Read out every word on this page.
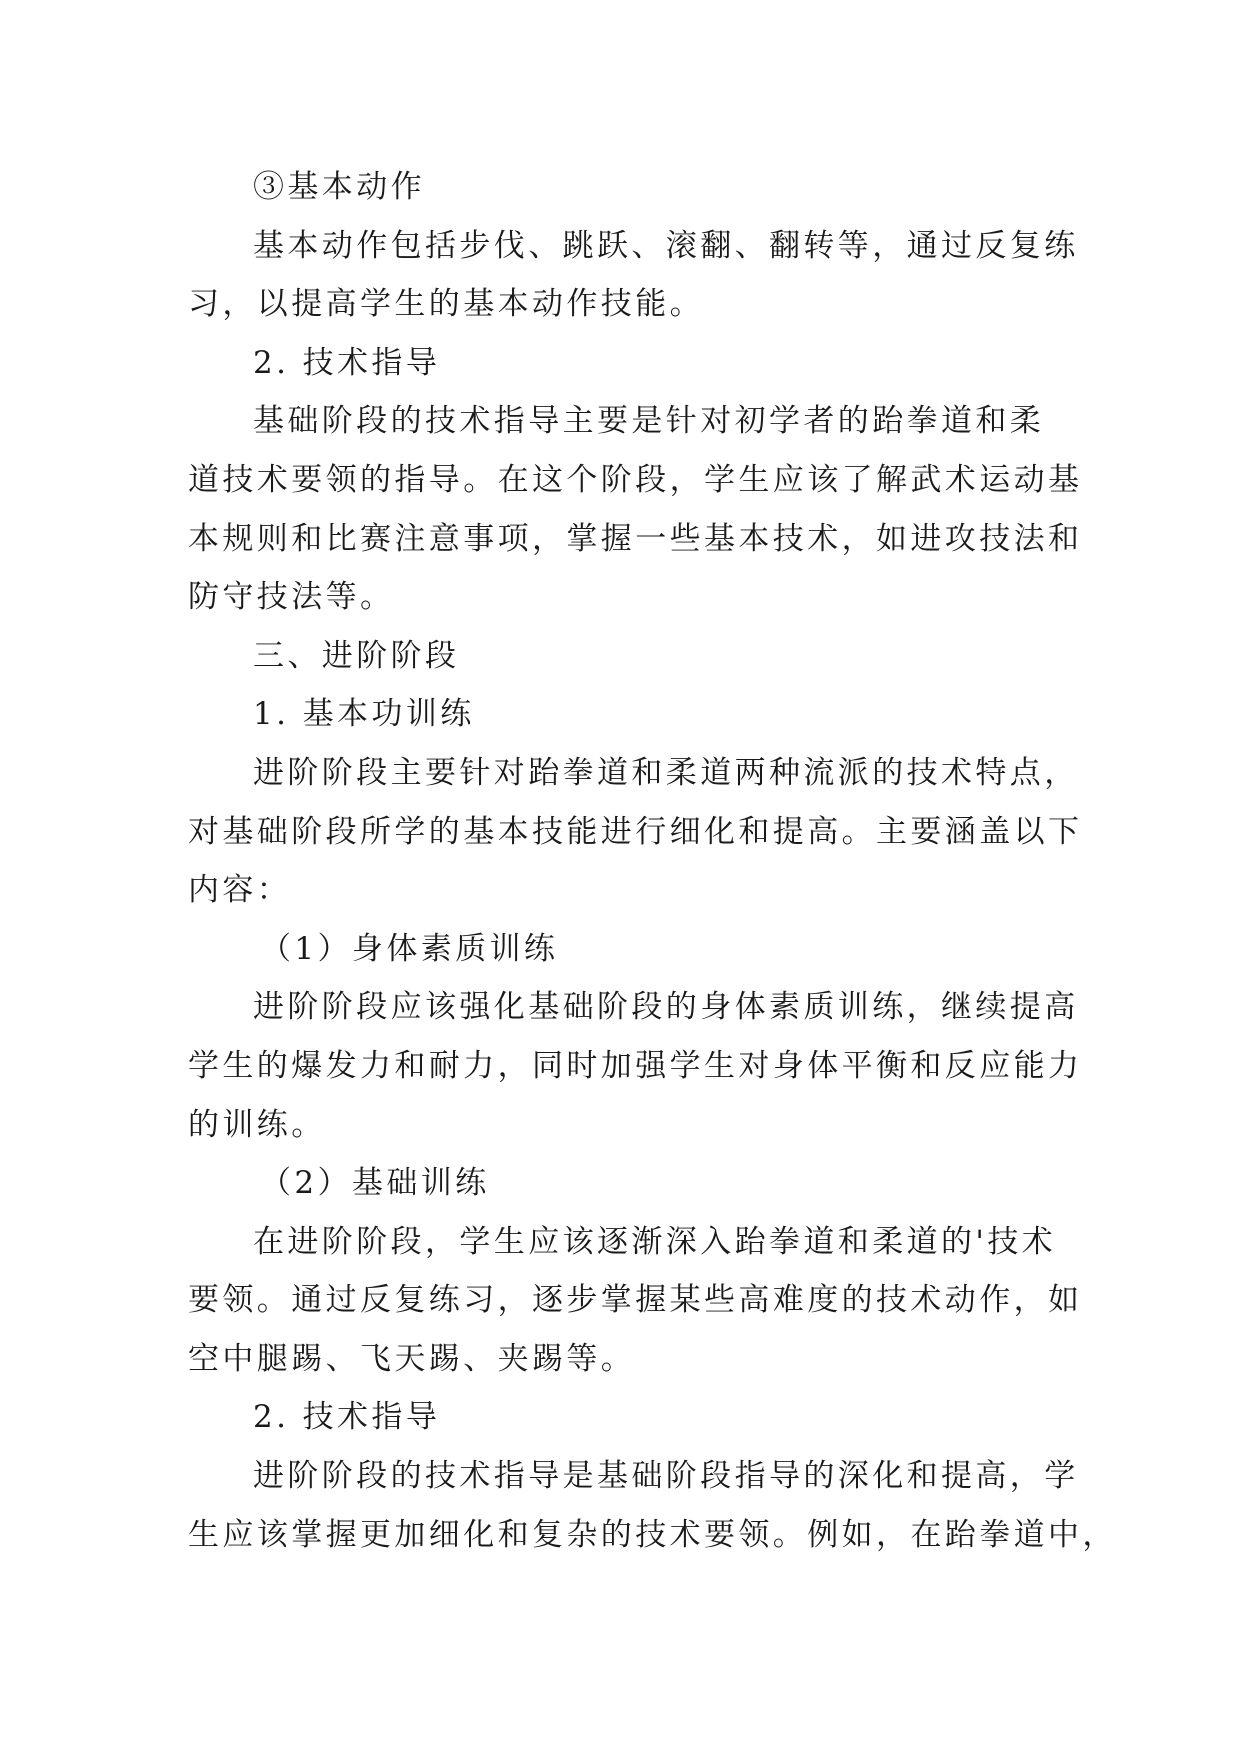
③基本动作
基本动作包括步伐、跳跃、滚翻、翻转等，通过反复练
习，以提高学生的基本动作技能。
2. 技术指导
基础阶段的技术指导主要是针对初学者的跆拳道和柔
道技术要领的指导。在这个阶段，学生应该了解武术运动基
本规则和比赛注意事项，掌握一些基本技术，如进攻技法和
防守技法等。
三、进阶阶段
1. 基本功训练
进阶阶段主要针对跆拳道和柔道两种流派的技术特点，
对基础阶段所学的基本技能进行细化和提高。主要涵盖以下
内容：
（1）身体素质训练
进阶阶段应该强化基础阶段的身体素质训练，继续提高
学生的爆发力和耐力，同时加强学生对身体平衡和反应能力
的训练。
（2）基础训练
在进阶阶段，学生应该逐渐深入跆拳道和柔道的'技术
要领。通过反复练习，逐步掌握某些高难度的技术动作，如
空中腿踢、飞天踢、夹踢等。
2. 技术指导
进阶阶段的技术指导是基础阶段指导的深化和提高，学
生应该掌握更加细化和复杂的技术要领。例如，在跆拳道中，
